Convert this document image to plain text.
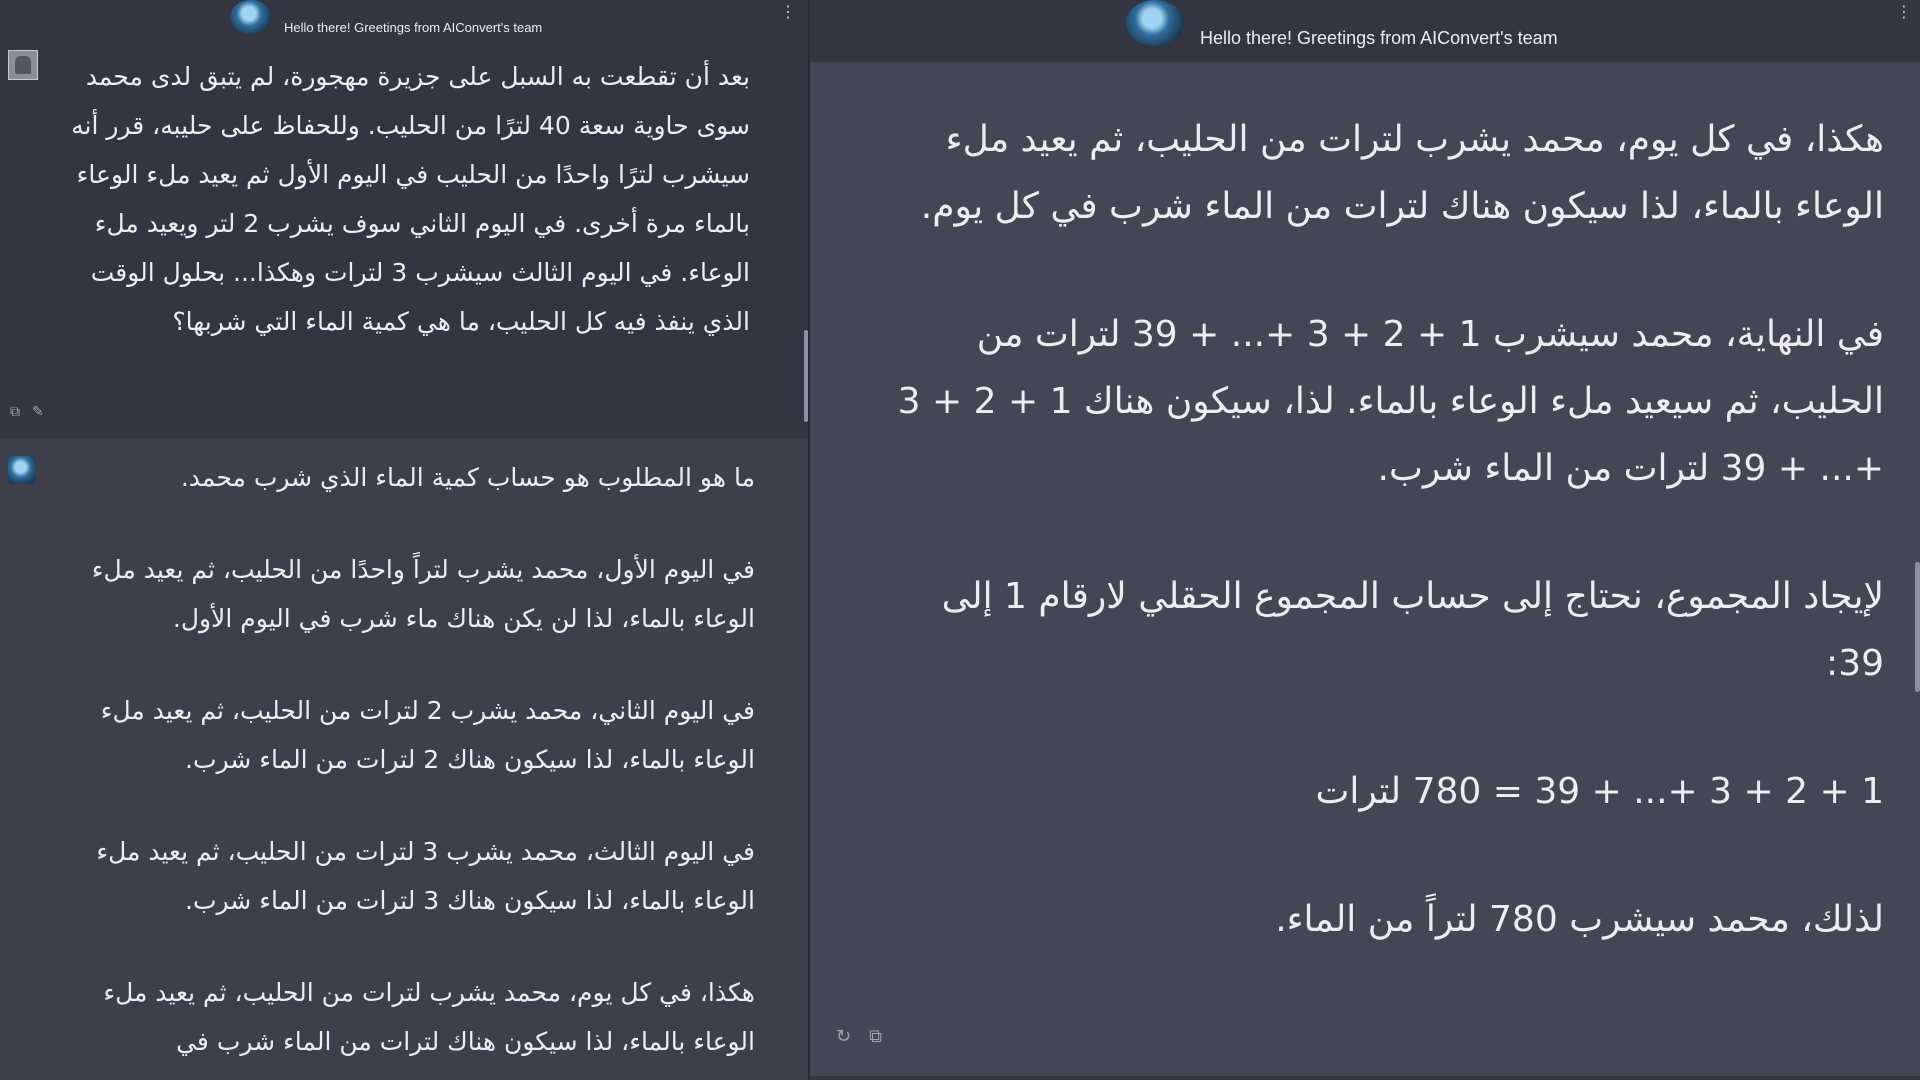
Hello there! Greetings from AIConvert's team
⋮
بعد أن تقطعت به السبل على جزيرة مهجورة، لم يتبق لدى محمد سوى حاوية سعة 40 لترًا من الحليب. وللحفاظ على حليبه، قرر أنه سيشرب لترًا واحدًا من الحليب في اليوم الأول ثم يعيد ملء الوعاء بالماء مرة أخرى. في اليوم الثاني سوف يشرب 2 لتر ويعيد ملء الوعاء. في اليوم الثالث سيشرب 3 لترات وهكذا... بحلول الوقت الذي ينفذ فيه كل الحليب، ما هي كمية الماء التي شربها؟
⧉ ✎

ما هو المطلوب هو حساب كمية الماء الذي شرب محمد.

في اليوم الأول، محمد يشرب لتراً واحدًا من الحليب، ثم يعيد ملء الوعاء بالماء، لذا لن يكن هناك ماء شرب في اليوم الأول.

في اليوم الثاني، محمد يشرب 2 لترات من الحليب، ثم يعيد ملء الوعاء بالماء، لذا سيكون هناك 2 لترات من الماء شرب.

في اليوم الثالث، محمد يشرب 3 لترات من الحليب، ثم يعيد ملء الوعاء بالماء، لذا سيكون هناك 3 لترات من الماء شرب.

هكذا، في كل يوم، محمد يشرب لترات من الحليب، ثم يعيد ملء الوعاء بالماء، لذا سيكون هناك لترات من الماء شرب في

Hello there! Greetings from AIConvert's team
⋮

هكذا، في كل يوم، محمد يشرب لترات من الحليب، ثم يعيد ملء الوعاء بالماء، لذا سيكون هناك لترات من الماء شرب في كل يوم.

في النهاية، محمد سيشرب 1 + 2 + 3 +... + 39 لترات من الحليب، ثم سيعيد ملء الوعاء بالماء. لذا، سيكون هناك 1 + 2 + 3 +... + 39 لترات من الماء شرب.

لإيجاد المجموع، نحتاج إلى حساب المجموع الحقلي لارقام 1 إلى 39:

1 + 2 + 3 +... + 39 = 780 لترات

لذلك، محمد سيشرب 780 لتراً من الماء.

↻ ⧉
